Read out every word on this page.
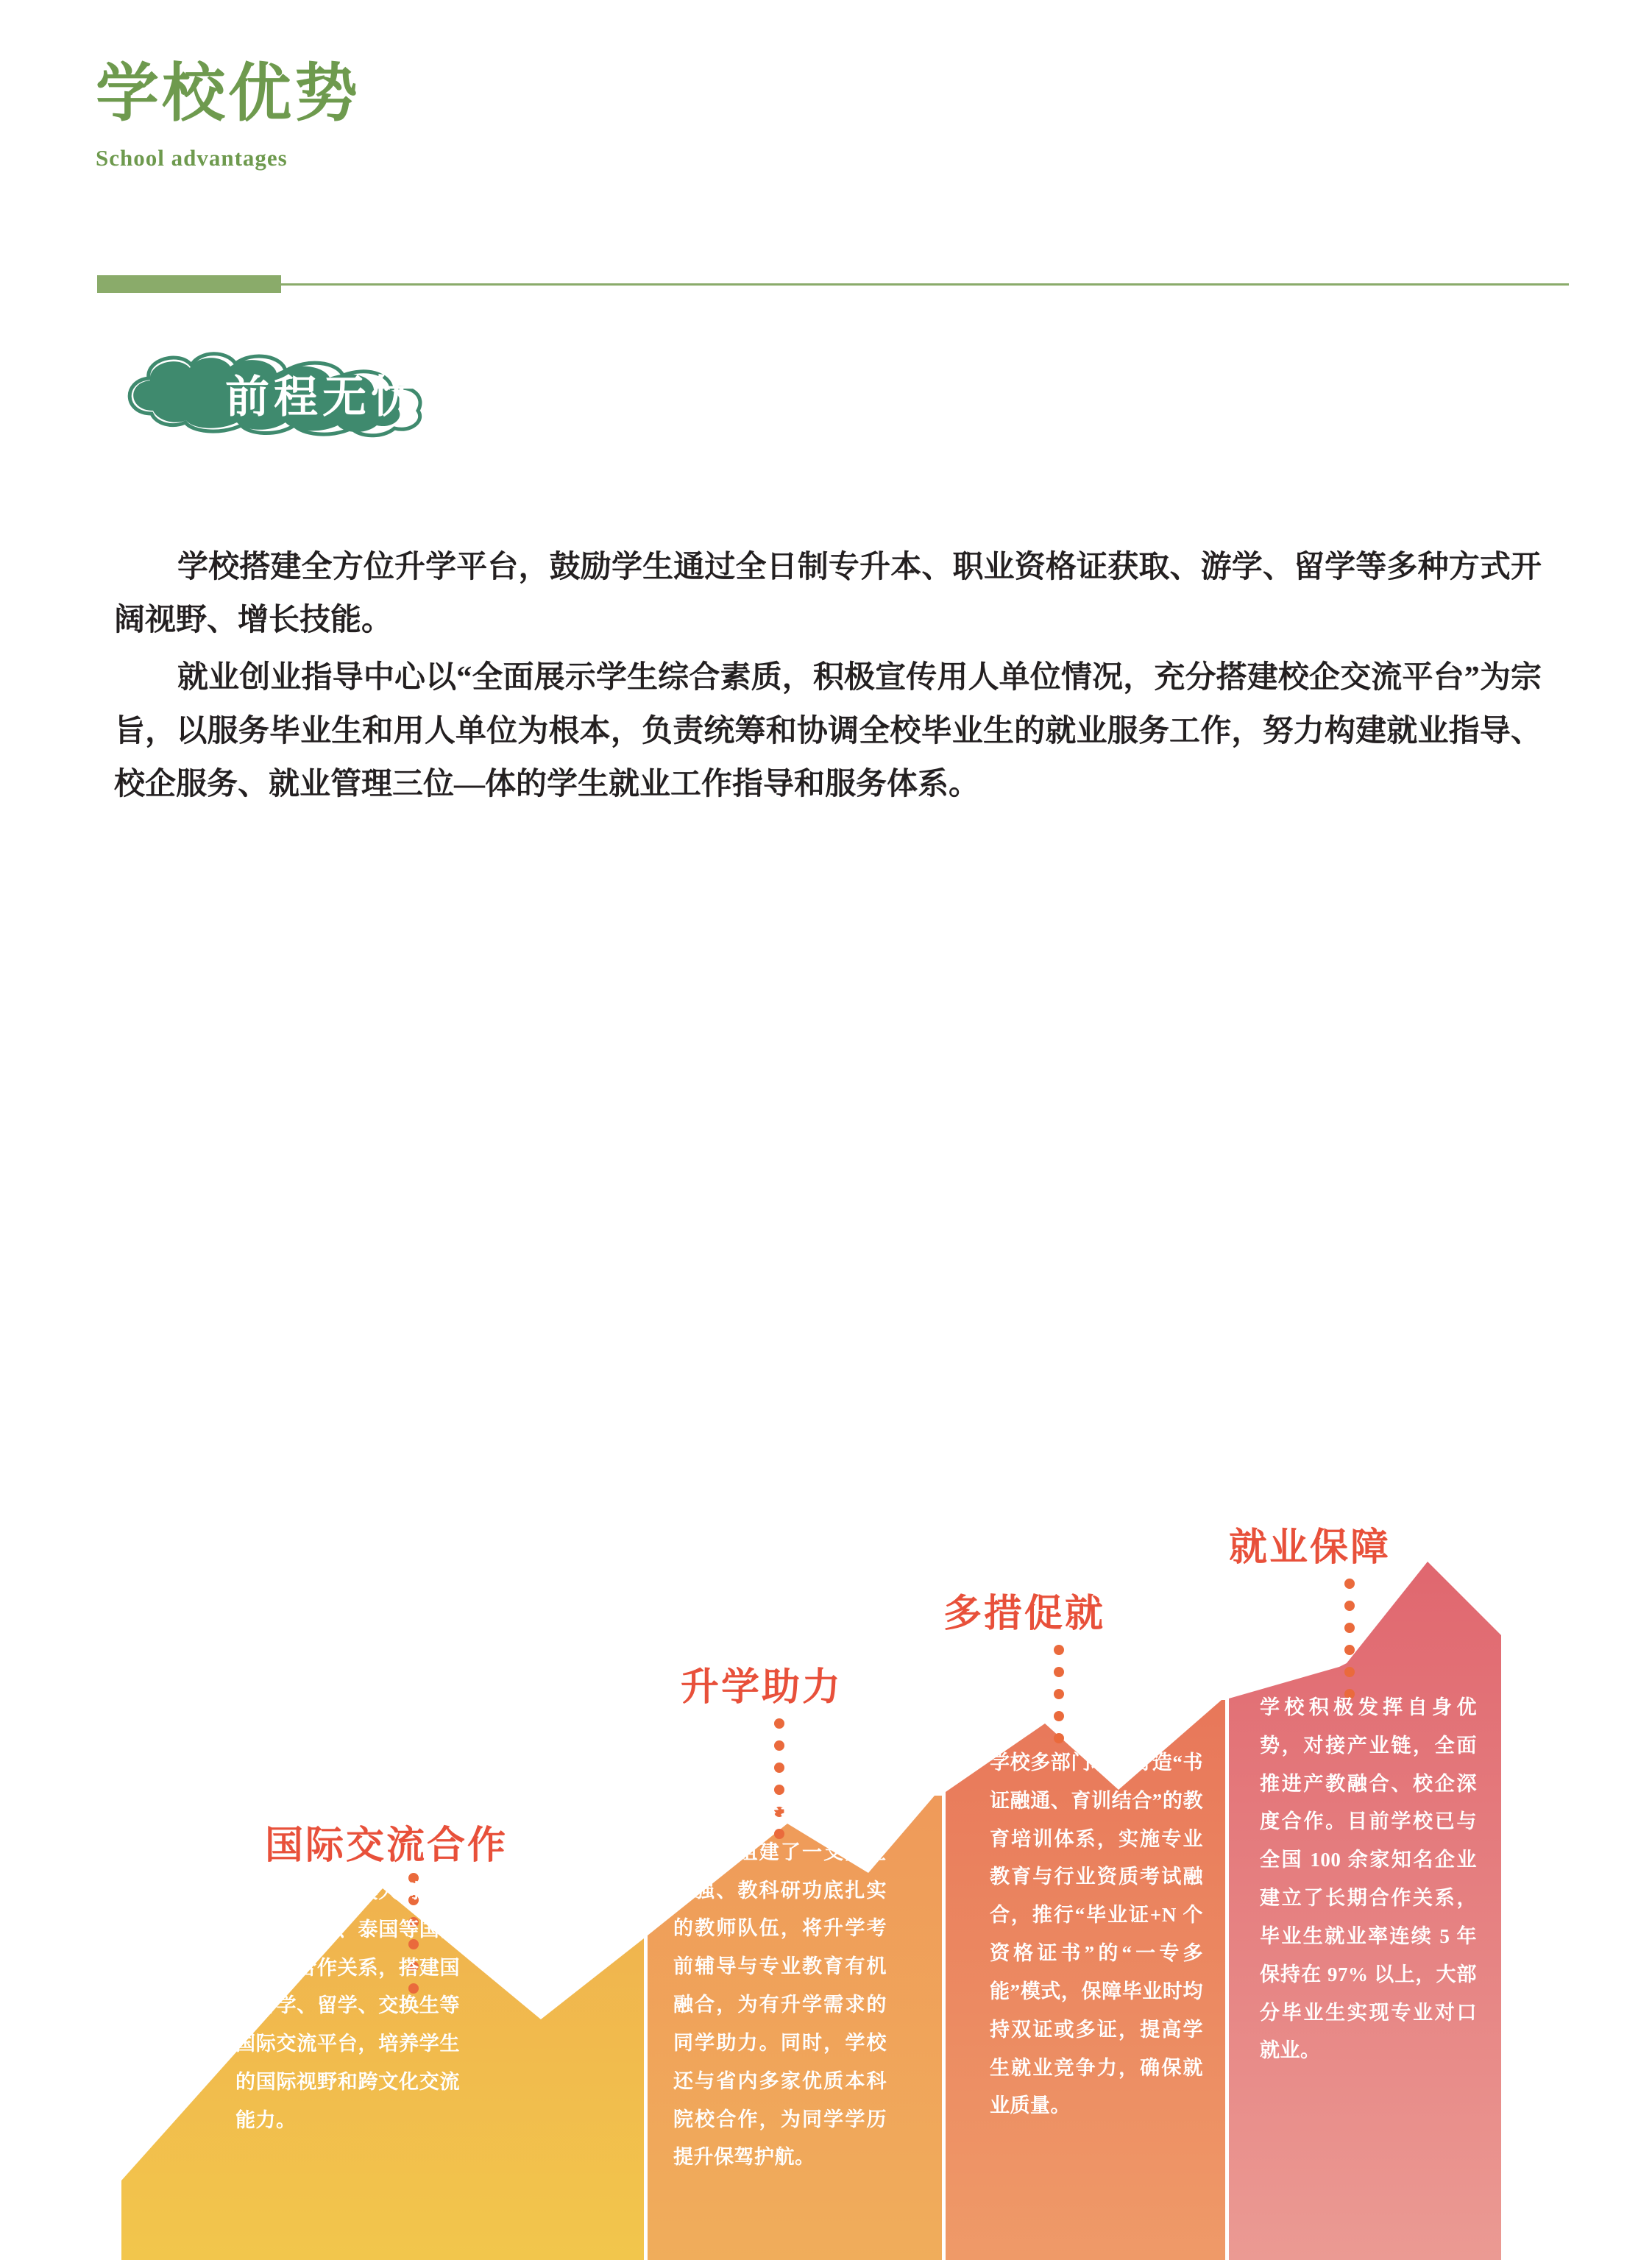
学校优势
School advantages
前程无忧

学校搭建全方位升学平台，鼓励学生通过全日制专升本、职业资格证获取、游学、留学等多种方式开阔视野、增长技能。

就业创业指导中心以“全面展示学生综合素质，积极宣传用人单位情况，充分搭建校企交流平台”为宗旨，以服务毕业生和用人单位为根本，负责统筹和协调全校毕业生的就业服务工作，努力构建就业指导、校企服务、就业管理三位—体的学生就业工作指导和服务体系。

国际交流合作
学校将陆续与澳大利亚、日本、韩国、泰国等国高校建立合作关系，搭建国际游学、留学、交换生等国际交流平台，培养学生的国际视野和跨文化交流能力。
升学助力
学校充分发挥高校师资优势，组建了一支责任心强、教科研功底扎实的教师队伍，将升学考前辅导与专业教育有机融合，为有升学需求的同学助力。同时，学校还与省内多家优质本科院校合作，为同学学历提升保驾护航。
多措促就
学校多部门联动打造“书证融通、育训结合”的教育培训体系，实施专业教育与行业资质考试融合，推行“毕业证+N 个资格证书”的“一专多能”模式，保障毕业时均持双证或多证，提高学生就业竞争力，确保就业质量。
就业保障
学校积极发挥自身优势，对接产业链，全面推进产教融合、校企深度合作。目前学校已与全国 100 余家知名企业建立了长期合作关系，毕业生就业率连续 5 年保持在 97% 以上，大部分毕业生实现专业对口就业。
